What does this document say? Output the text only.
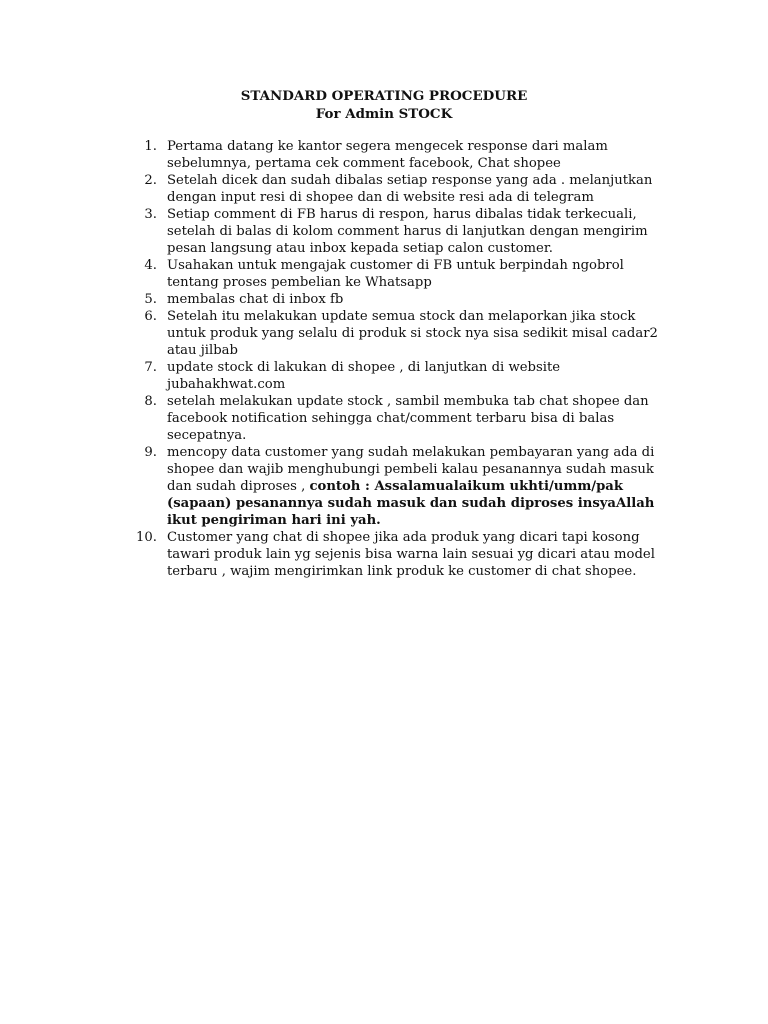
STANDARD OPERATING PROCEDURE
For Admin STOCK
1. Pertama datang ke kantor segera mengecek response dari malam
sebelumnya, pertama cek comment facebook, Chat shopee
2. Setelah dicek dan sudah dibalas setiap response yang ada . melanjutkan
dengan input resi di shopee dan di website resi ada di telegram
3. Setiap comment di FB harus di respon, harus dibalas tidak terkecuali,
setelah di balas di kolom comment harus di lanjutkan dengan mengirim
pesan langsung atau inbox kepada setiap calon customer.
4. Usahakan untuk mengajak customer di FB untuk berpindah ngobrol
tentang proses pembelian ke Whatsapp
5. membalas chat di inbox fb
6. Setelah itu melakukan update semua stock dan melaporkan jika stock
untuk produk yang selalu di produk si stock nya sisa sedikit misal cadar2
atau jilbab
7. update stock di lakukan di shopee , di lanjutkan di website
jubahakhwat.com
8. setelah melakukan update stock , sambil membuka tab chat shopee dan
facebook notification sehingga chat/comment terbaru bisa di balas
secepatnya.
9. mencopy data customer yang sudah melakukan pembayaran yang ada di
shopee dan wajib menghubungi pembeli kalau pesanannya sudah masuk
dan sudah diproses , contoh : Assalamualaikum ukhti/umm/pak
(sapaan) pesanannya sudah masuk dan sudah diproses insyaAllah
ikut pengiriman hari ini yah.
10. Customer yang chat di shopee jika ada produk yang dicari tapi kosong
tawari produk lain yg sejenis bisa warna lain sesuai yg dicari atau model
terbaru , wajim mengirimkan link produk ke customer di chat shopee.
